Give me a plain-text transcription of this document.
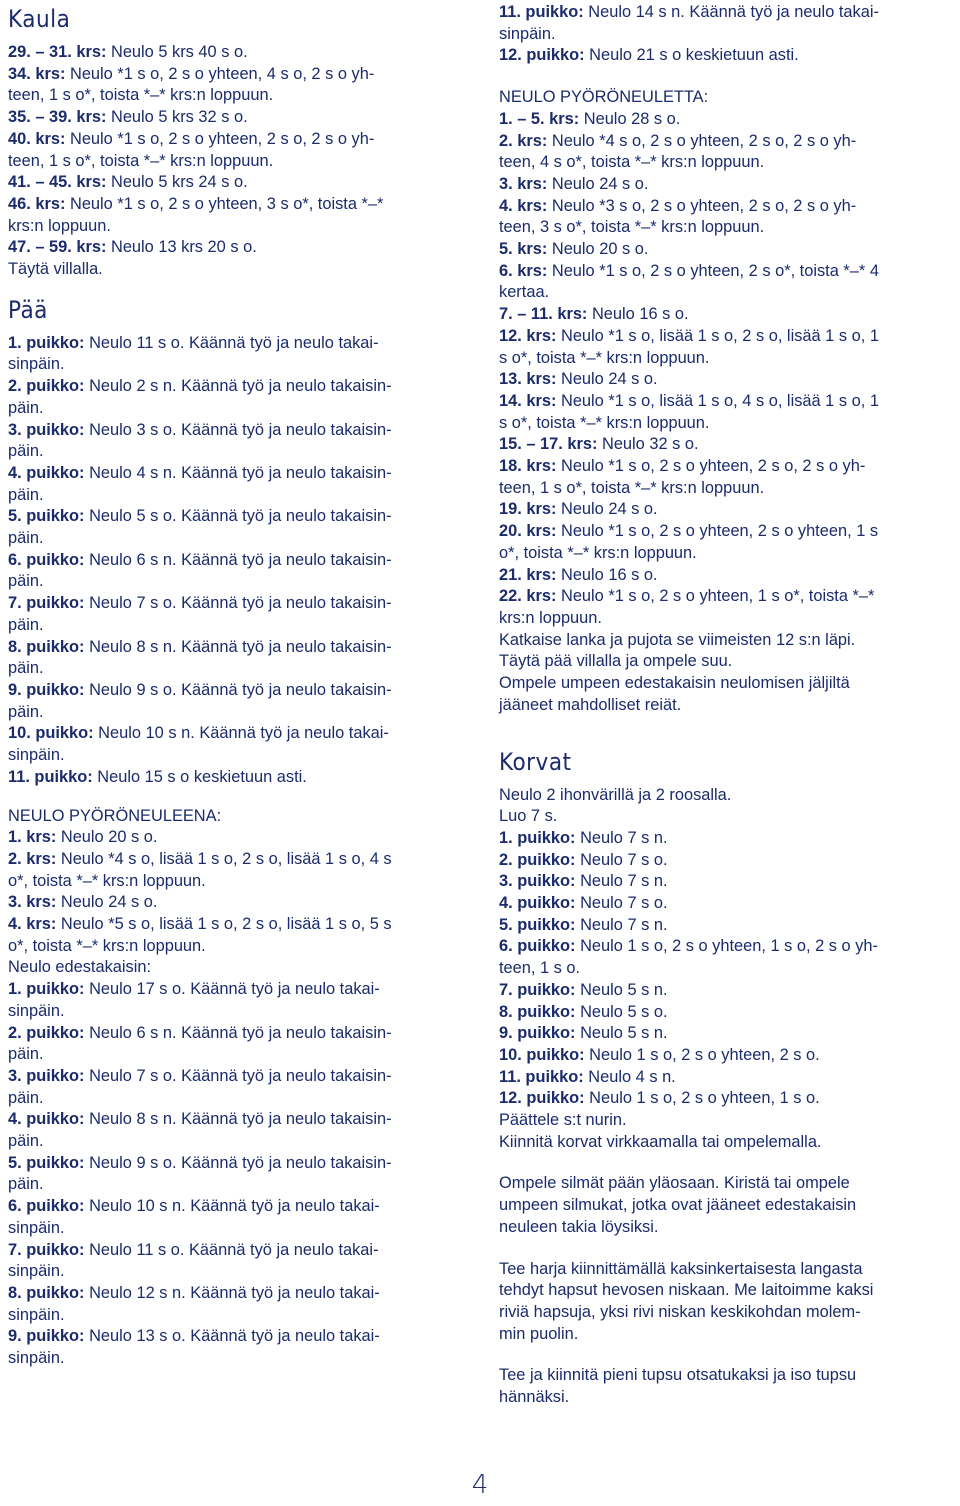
Kaula
29. – 31. krs: Neulo 5 krs 40 s o.
34. krs: Neulo *1 s o, 2 s o yhteen, 4 s o, 2 s o yh-
teen, 1 s o*, toista *–* krs:n loppuun.
35. – 39. krs: Neulo 5 krs 32 s o.
40. krs: Neulo *1 s o, 2 s o yhteen, 2 s o, 2 s o yh-
teen, 1 s o*, toista *–* krs:n loppuun.
41. – 45. krs: Neulo 5 krs 24 s o.
46. krs: Neulo *1 s o, 2 s o yhteen, 3 s o*, toista *–*
krs:n loppuun.
47. – 59. krs: Neulo 13 krs 20 s o.
Täytä villalla.
Pää
1. puikko: Neulo 11 s o. Käännä työ ja neulo takai-
sinpäin.
2. puikko: Neulo 2 s n. Käännä työ ja neulo takaisin-
päin.
3. puikko: Neulo 3 s o. Käännä työ ja neulo takaisin-
päin.
4. puikko: Neulo 4 s n. Käännä työ ja neulo takaisin-
päin.
5. puikko: Neulo 5 s o. Käännä työ ja neulo takaisin-
päin.
6. puikko: Neulo 6 s n. Käännä työ ja neulo takaisin-
päin.
7. puikko: Neulo 7 s o. Käännä työ ja neulo takaisin-
päin.
8. puikko: Neulo 8 s n. Käännä työ ja neulo takaisin-
päin.
9. puikko: Neulo 9 s o. Käännä työ ja neulo takaisin-
päin.
10. puikko: Neulo 10 s n. Käännä työ ja neulo takai-
sinpäin.
11. puikko: Neulo 15 s o keskietuun asti.
NEULO PYÖRÖNEULEENA:
1. krs: Neulo 20 s o.
2. krs: Neulo *4 s o, lisää 1 s o, 2 s o, lisää 1 s o, 4 s
o*, toista *–* krs:n loppuun.
3. krs: Neulo 24 s o.
4. krs: Neulo *5 s o, lisää 1 s o, 2 s o, lisää 1 s o, 5 s
o*, toista *–* krs:n loppuun.
Neulo edestakaisin:
1. puikko: Neulo 17 s o. Käännä työ ja neulo takai-
sinpäin.
2. puikko: Neulo 6 s n. Käännä työ ja neulo takaisin-
päin.
3. puikko: Neulo 7 s o. Käännä työ ja neulo takaisin-
päin.
4. puikko: Neulo 8 s n. Käännä työ ja neulo takaisin-
päin.
5. puikko: Neulo 9 s o. Käännä työ ja neulo takaisin-
päin.
6. puikko: Neulo 10 s n. Käännä työ ja neulo takai-
sinpäin.
7. puikko: Neulo 11 s o. Käännä työ ja neulo takai-
sinpäin.
8. puikko: Neulo 12 s n. Käännä työ ja neulo takai-
sinpäin.
9. puikko: Neulo 13 s o. Käännä työ ja neulo takai-
sinpäin.
11. puikko: Neulo 14 s n. Käännä työ ja neulo takai-
sinpäin.
12. puikko: Neulo 21 s o keskietuun asti.
NEULO PYÖRÖNEULETTA:
1. – 5. krs: Neulo 28 s o.
2. krs: Neulo *4 s o, 2 s o yhteen, 2 s o, 2 s o yh-
teen, 4 s o*, toista *–* krs:n loppuun.
3. krs: Neulo 24 s o.
4. krs: Neulo *3 s o, 2 s o yhteen, 2 s o, 2 s o yh-
teen, 3 s o*, toista *–* krs:n loppuun.
5. krs: Neulo 20 s o.
6. krs: Neulo *1 s o, 2 s o yhteen, 2 s o*, toista *–* 4
kertaa.
7. – 11. krs: Neulo 16 s o.
12. krs: Neulo *1 s o, lisää 1 s o, 2 s o, lisää 1 s o, 1
s o*, toista *–* krs:n loppuun.
13. krs: Neulo 24 s o.
14. krs: Neulo *1 s o, lisää 1 s o, 4 s o, lisää 1 s o, 1
s o*, toista *–* krs:n loppuun.
15. – 17. krs: Neulo 32 s o.
18. krs: Neulo *1 s o, 2 s o yhteen, 2 s o, 2 s o yh-
teen, 1 s o*, toista *–* krs:n loppuun.
19. krs: Neulo 24 s o.
20. krs: Neulo *1 s o, 2 s o yhteen, 2 s o yhteen, 1 s
o*, toista *–* krs:n loppuun.
21. krs: Neulo 16 s o.
22. krs: Neulo *1 s o, 2 s o yhteen, 1 s o*, toista *–*
krs:n loppuun.
Katkaise lanka ja pujota se viimeisten 12 s:n läpi.
Täytä pää villalla ja ompele suu.
Ompele umpeen edestakaisin neulomisen jäljiltä
jääneet mahdolliset reiät.
Korvat
Neulo 2 ihonvärillä ja 2 roosalla.
Luo 7 s.
1. puikko: Neulo 7 s n.
2. puikko: Neulo 7 s o.
3. puikko: Neulo 7 s n.
4. puikko: Neulo 7 s o.
5. puikko: Neulo 7 s n.
6. puikko: Neulo 1 s o, 2 s o yhteen, 1 s o, 2 s o yh-
teen, 1 s o.
7. puikko: Neulo 5 s n.
8. puikko: Neulo 5 s o.
9. puikko: Neulo 5 s n.
10. puikko: Neulo 1 s o, 2 s o yhteen, 2 s o.
11. puikko: Neulo 4 s n.
12. puikko: Neulo 1 s o, 2 s o yhteen, 1 s o.
Päättele s:t nurin.
Kiinnitä korvat virkkaamalla tai ompelemalla.
Ompele silmät pään yläosaan. Kiristä tai ompele
umpeen silmukat, jotka ovat jääneet edestakaisin
neuleen takia löysiksi.
Tee harja kiinnittämällä kaksinkertaisesta langasta
tehdyt hapsut hevosen niskaan. Me laitoimme kaksi
riviä hapsuja, yksi rivi niskan keskikohdan molem-
min puolin.
Tee ja kiinnitä pieni tupsu otsatukaksi ja iso tupsu
hännäksi.
4
